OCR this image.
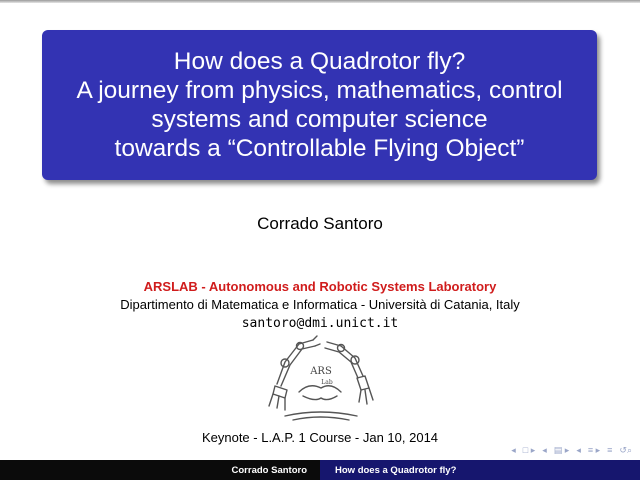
How does a Quadrotor fly?
A journey from physics, mathematics, control
systems and computer science
towards a “Controllable Flying Object”
Corrado Santoro
ARSLAB - Autonomous and Robotic Systems Laboratory
Dipartimento di Matematica e Informatica - Università di Catania, Italy
santoro@dmi.unict.it
ARS
Lab
Keynote - L.A.P. 1 Course - Jan 10, 2014
◂ □ ▸ ◂ ▤ ▸ ◂ ≡ ▸ ≡ ↺⌕
Corrado Santoro	How does a Quadrotor fly?
